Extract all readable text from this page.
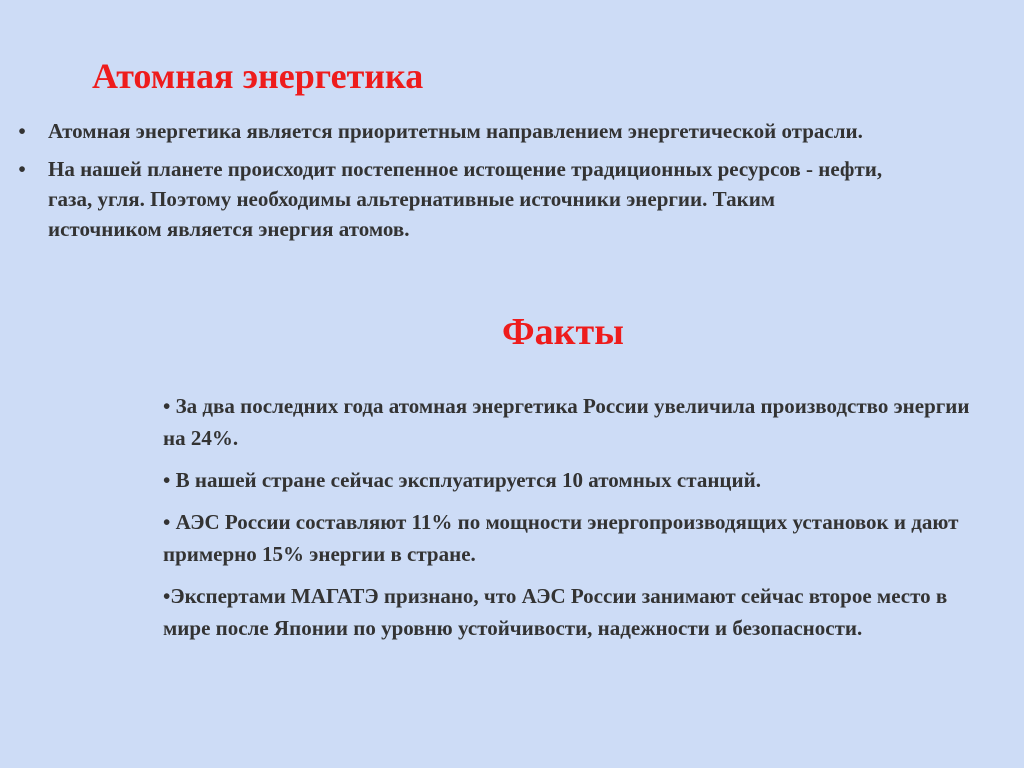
Атомная энергетика
•	Атомная энергетика является приоритетным направлением энергетической отрасли.
•	На нашей планете происходит постепенное истощение традиционных ресурсов - нефти, газа, угля. Поэтому необходимы альтернативные источники энергии. Таким источником является энергия атомов.
Факты
• За два последних года атомная энергетика России увеличила производство энергии на 24%.
• В нашей стране сейчас эксплуатируется 10 атомных станций.
• АЭС России составляют 11% по мощности энергопроизводящих установок и дают примерно 15% энергии в стране.
•Экспертами МАГАТЭ признано, что АЭС России занимают сейчас второе место в мире после Японии по уровню устойчивости, надежности и безопасности.
